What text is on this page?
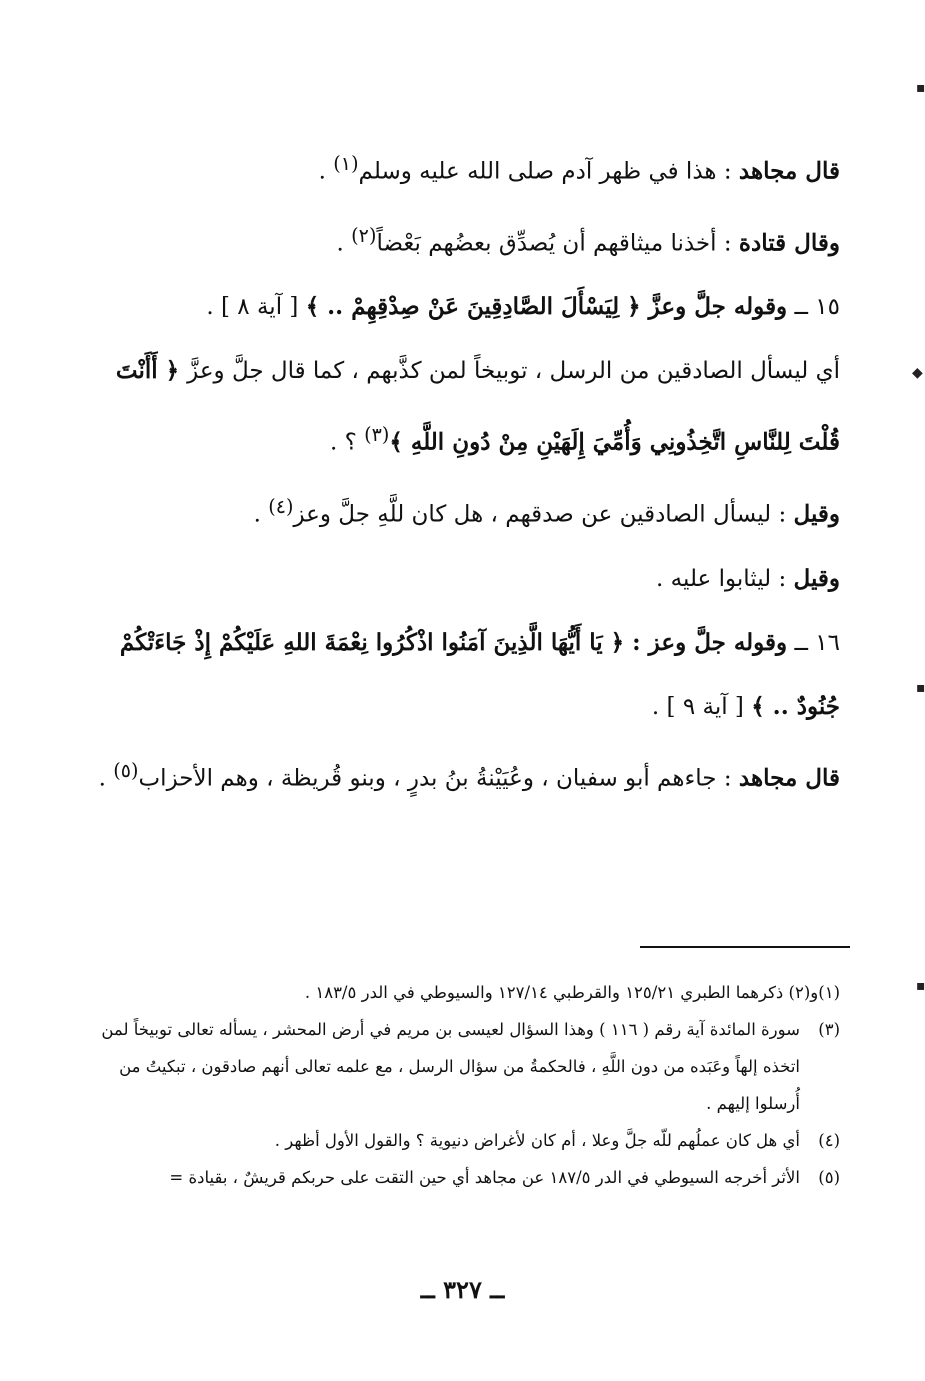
قال مجاهد : هذا في ظهر آدم صلى الله عليه وسلم$^{(١)}$ .

وقال قتادة : أخذنا ميثاقهم أن يُصدِّق بعضُهم بَعْضاً$^{(٢)}$ .

١٥ ــ وقوله جلَّ وعزَّ ﴿ لِيَسْأَلَ الصَّادِقِينَ عَنْ صِدْقِهِمْ .. ﴾ [ آية ٨ ] .

أي ليسأل الصادقين من الرسل ، توبيخاً لمن كذَّبهم ، كما قال جلَّ وعزَّ ﴿ أَأَنْتَ قُلْتَ لِلنَّاسِ اتَّخِذُونِي وَأُمِّيَ إِلَهَيْنِ مِنْ دُونِ اللَّهِ ﴾$^{(٣)}$ ؟ .

وقيل : ليسأل الصادقين عن صدقهم ، هل كان للَّهِ جلَّ وعز$^{(٤)}$ .

وقيل : ليثابوا عليه .

١٦ ــ وقوله جلَّ وعز : ﴿ يَا أَيُّهَا الَّذِينَ آمَنُوا اذْكُرُوا نِعْمَةَ اللهِ عَلَيْكُمْ إِذْ جَاءَتْكُمْ جُنُودٌ .. ﴾ [ آية ٩ ] .

قال مجاهد : جاءهم أبو سفيان ، وعُيَيْنةُ بنُ بدرٍ ، وبنو قُريظة ، وهم الأحزاب$^{(٥)}$ .

(١)و(٢) ذكرهما الطبري ١٢٥/٢١ والقرطبي ١٢٧/١٤ والسيوطي في الدر ١٨٣/٥ .
(٣)
سورة المائدة آية رقم ( ١١٦ ) وهذا السؤال لعيسى بن مريم في أرض المحشر ، يسأله تعالى توبيخاً لمن اتخذه إلهاً وعَبَده من دون اللَّهِ ، فالحكمةُ من سؤال الرسل ، مع علمه تعالى أنهم صادقون ، تبكيتُ من أُرسلوا إليهم .
(٤)
أي هل كان عملُهم للّه جلَّ وعلا ، أم كان لأغراض دنيوية ؟ والقول الأول أظهر .
(٥)
الأثر أخرجه السيوطي في الدر ١٨٧/٥ عن مجاهد أي حين التقت على حربكم قريشٌ ، بقيادة =
ــ ٣٢٧ ــ
▪
◆
▪
▪
